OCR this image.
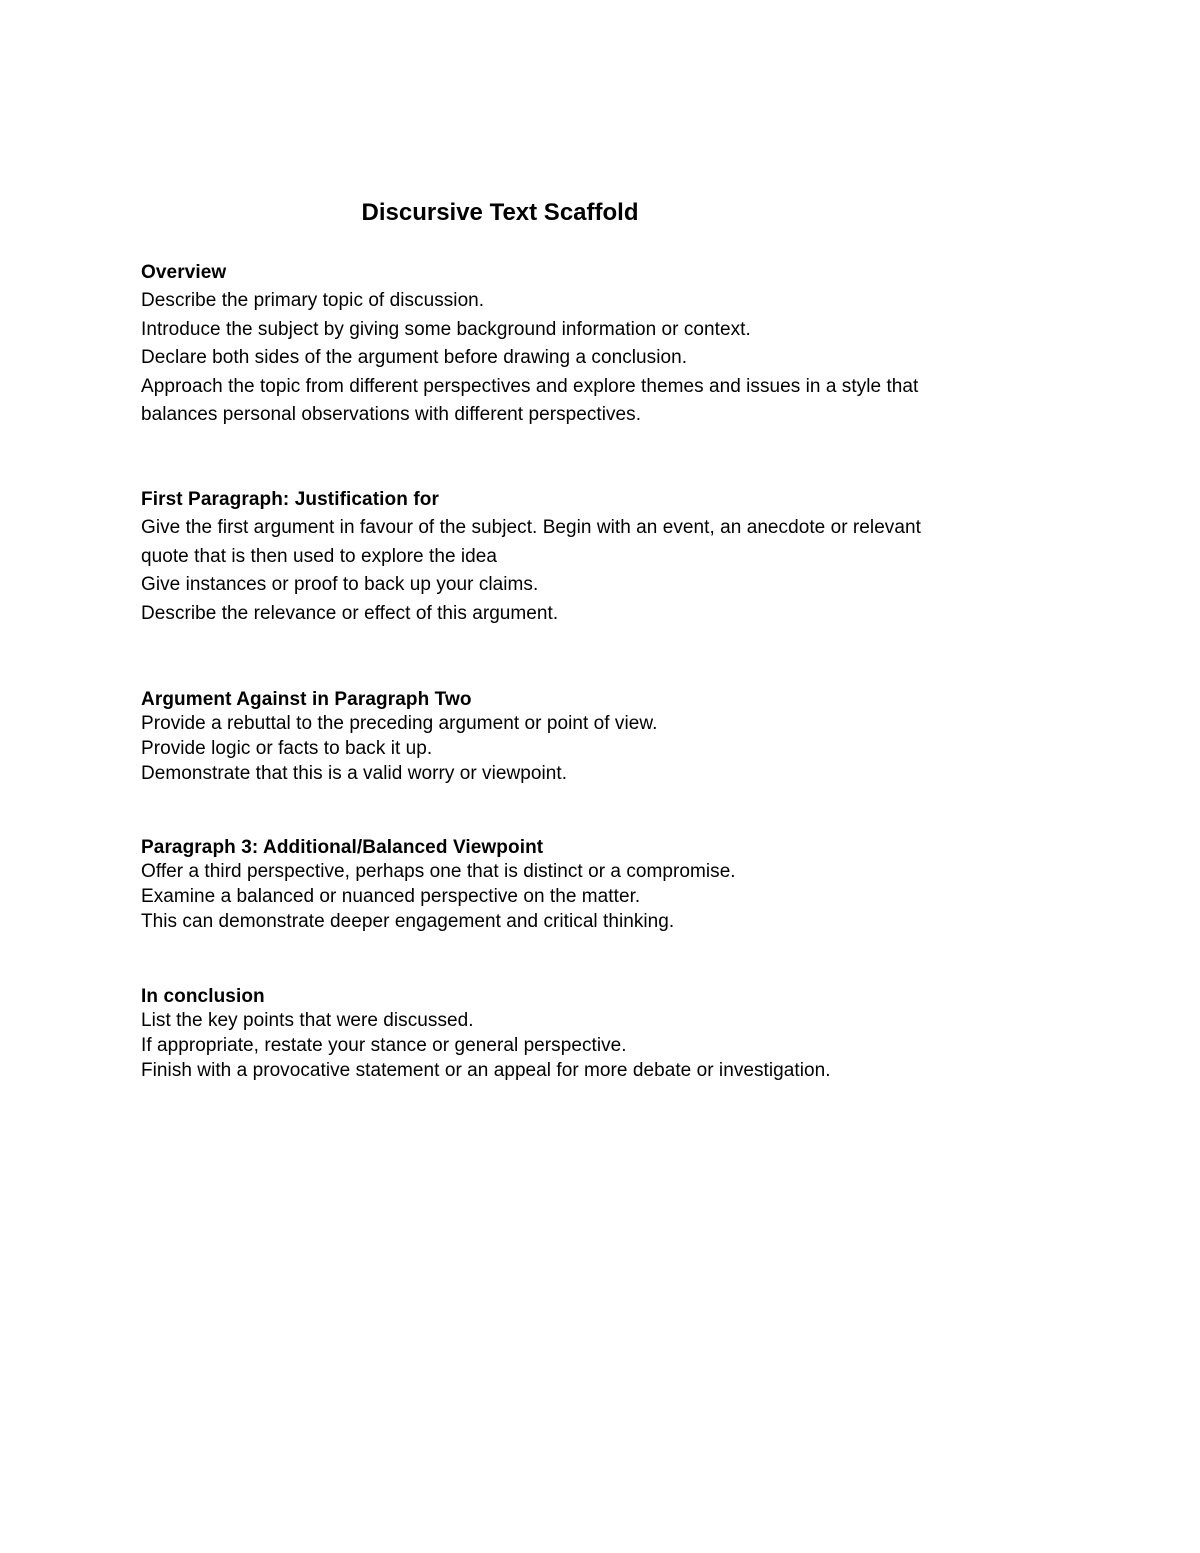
Discursive Text Scaffold

Overview

Describe the primary topic of discussion.

Introduce the subject by giving some background information or context.

Declare both sides of the argument before drawing a conclusion.

Approach the topic from different perspectives and explore themes and issues in a style that

balances personal observations with different perspectives.

First Paragraph: Justification for

Give the first argument in favour of the subject. Begin with an event, an anecdote or relevant

quote that is then used to explore the idea

Give instances or proof to back up your claims.

Describe the relevance or effect of this argument.

Argument Against in Paragraph Two

Provide a rebuttal to the preceding argument or point of view.

Provide logic or facts to back it up.

Demonstrate that this is a valid worry or viewpoint.

Paragraph 3: Additional/Balanced Viewpoint

Offer a third perspective, perhaps one that is distinct or a compromise.

Examine a balanced or nuanced perspective on the matter.

This can demonstrate deeper engagement and critical thinking.

In conclusion

List the key points that were discussed.

If appropriate, restate your stance or general perspective.

Finish with a provocative statement or an appeal for more debate or investigation.
